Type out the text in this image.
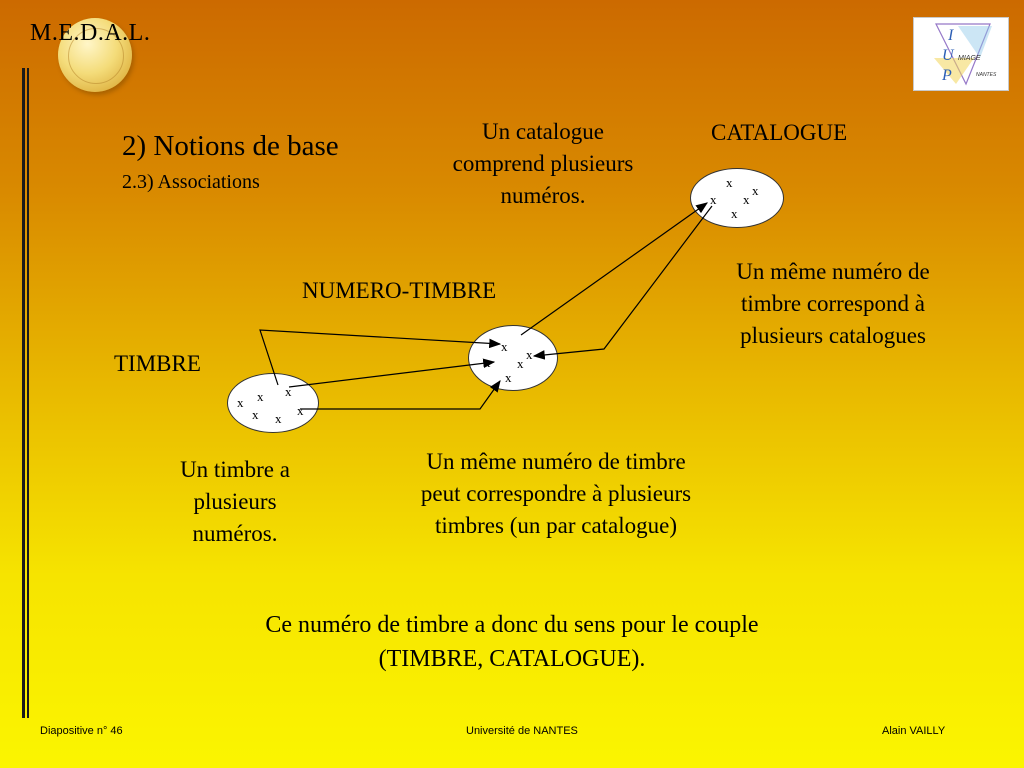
M.E.D.A.L.	I
U
P
MIAGE
NANTES
2) Notions de base
2.3) Associations
CATALOGUE
NUMERO-TIMBRE
TIMBRE
Un catalogue
comprend plusieurs
numéros.
Un même numéro de
timbre correspond à
plusieurs catalogues
Un timbre a
plusieurs
numéros.
Un même numéro de timbre
peut correspondre à plusieurs
timbres (un par catalogue)
Ce numéro de timbre a donc du sens pour le couple
(TIMBRE, CATALOGUE).
x
x
x x
x
x
x
x
x
x
x
x
x
x x
Diapositive n° 46	Université de NANTES	Alain VAILLY
